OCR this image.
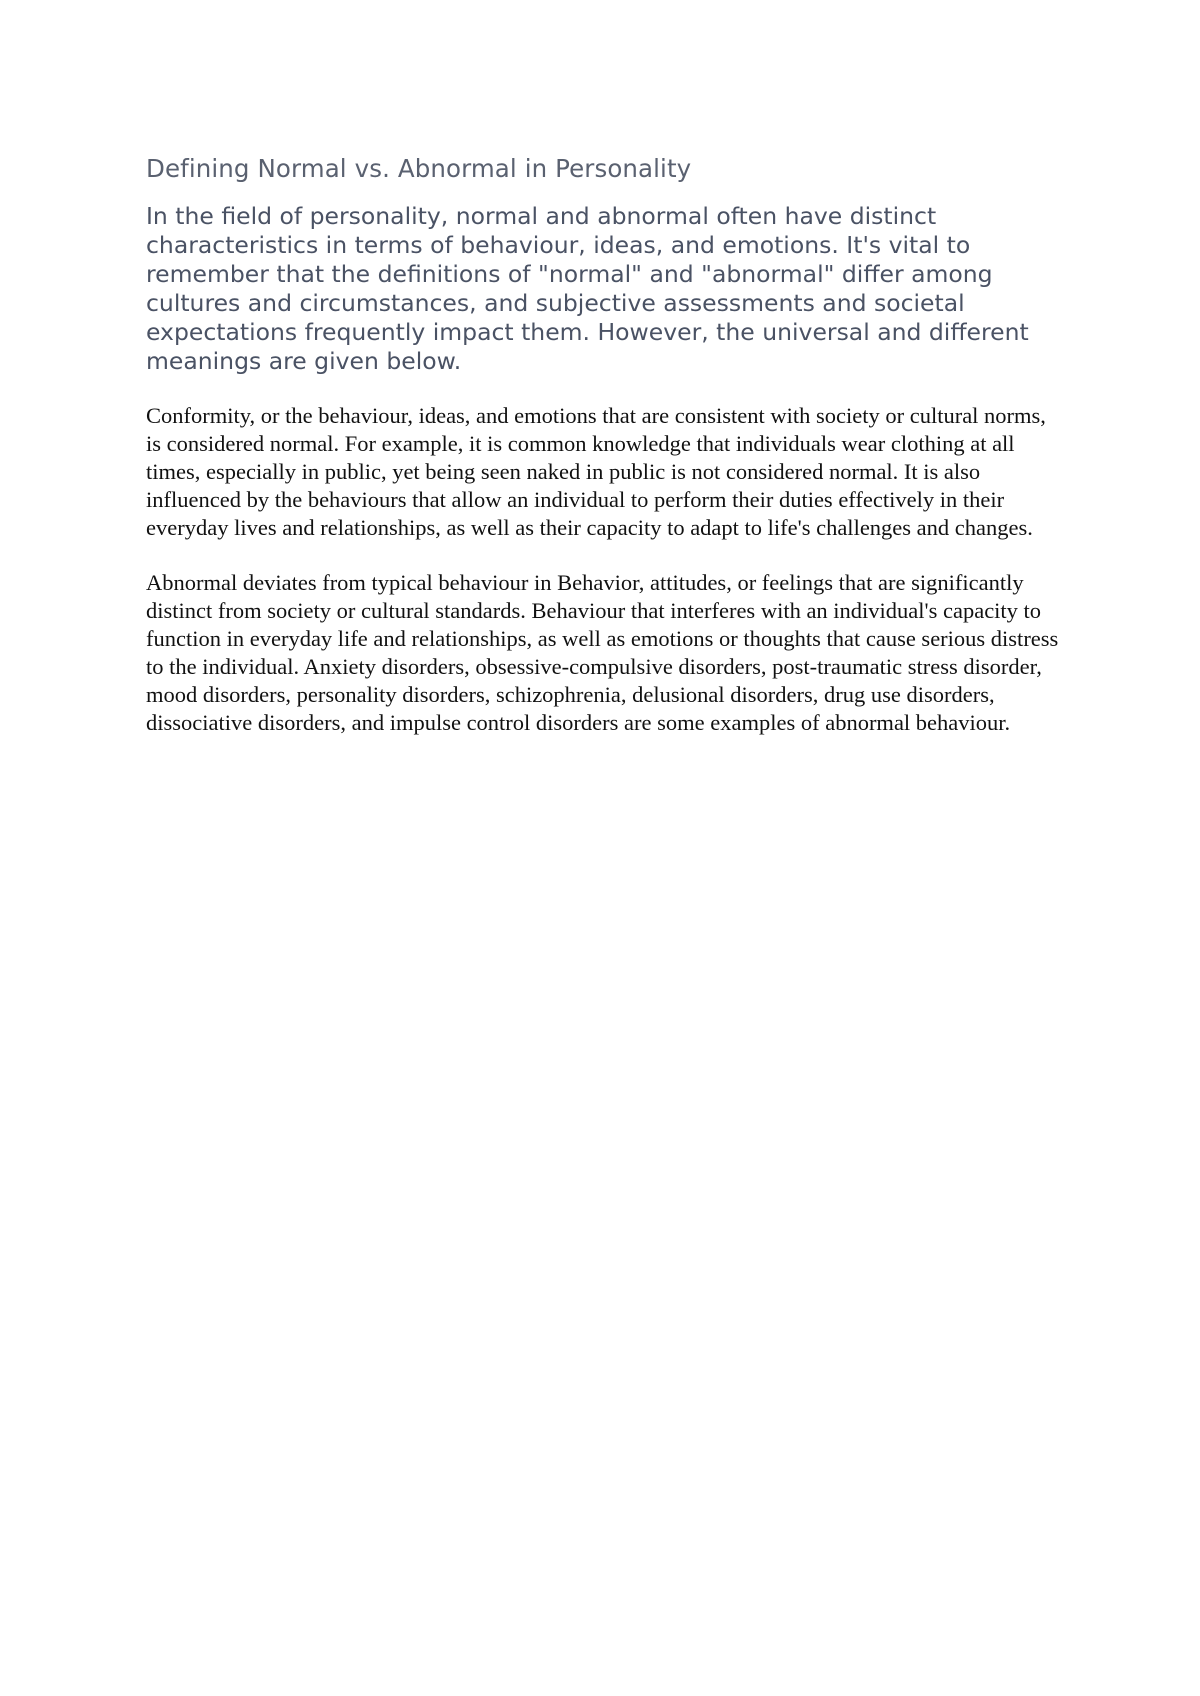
Defining Normal vs. Abnormal in Personality

In the field of personality, normal and abnormal often have distinct characteristics in terms of behaviour, ideas, and emotions. It's vital to remember that the definitions of "normal" and "abnormal" differ among cultures and circumstances, and subjective assessments and societal expectations frequently impact them. However, the universal and different meanings are given below.

Conformity, or the behaviour, ideas, and emotions that are consistent with society or cultural norms, is considered normal. For example, it is common knowledge that individuals wear clothing at all times, especially in public, yet being seen naked in public is not considered normal. It is also influenced by the behaviours that allow an individual to perform their duties effectively in their everyday lives and relationships, as well as their capacity to adapt to life's challenges and changes.

Abnormal deviates from typical behaviour in Behavior, attitudes, or feelings that are significantly distinct from society or cultural standards. Behaviour that interferes with an individual's capacity to function in everyday life and relationships, as well as emotions or thoughts that cause serious distress to the individual. Anxiety disorders, obsessive-compulsive disorders, post-traumatic stress disorder, mood disorders, personality disorders, schizophrenia, delusional disorders, drug use disorders, dissociative disorders, and impulse control disorders are some examples of abnormal behaviour.
